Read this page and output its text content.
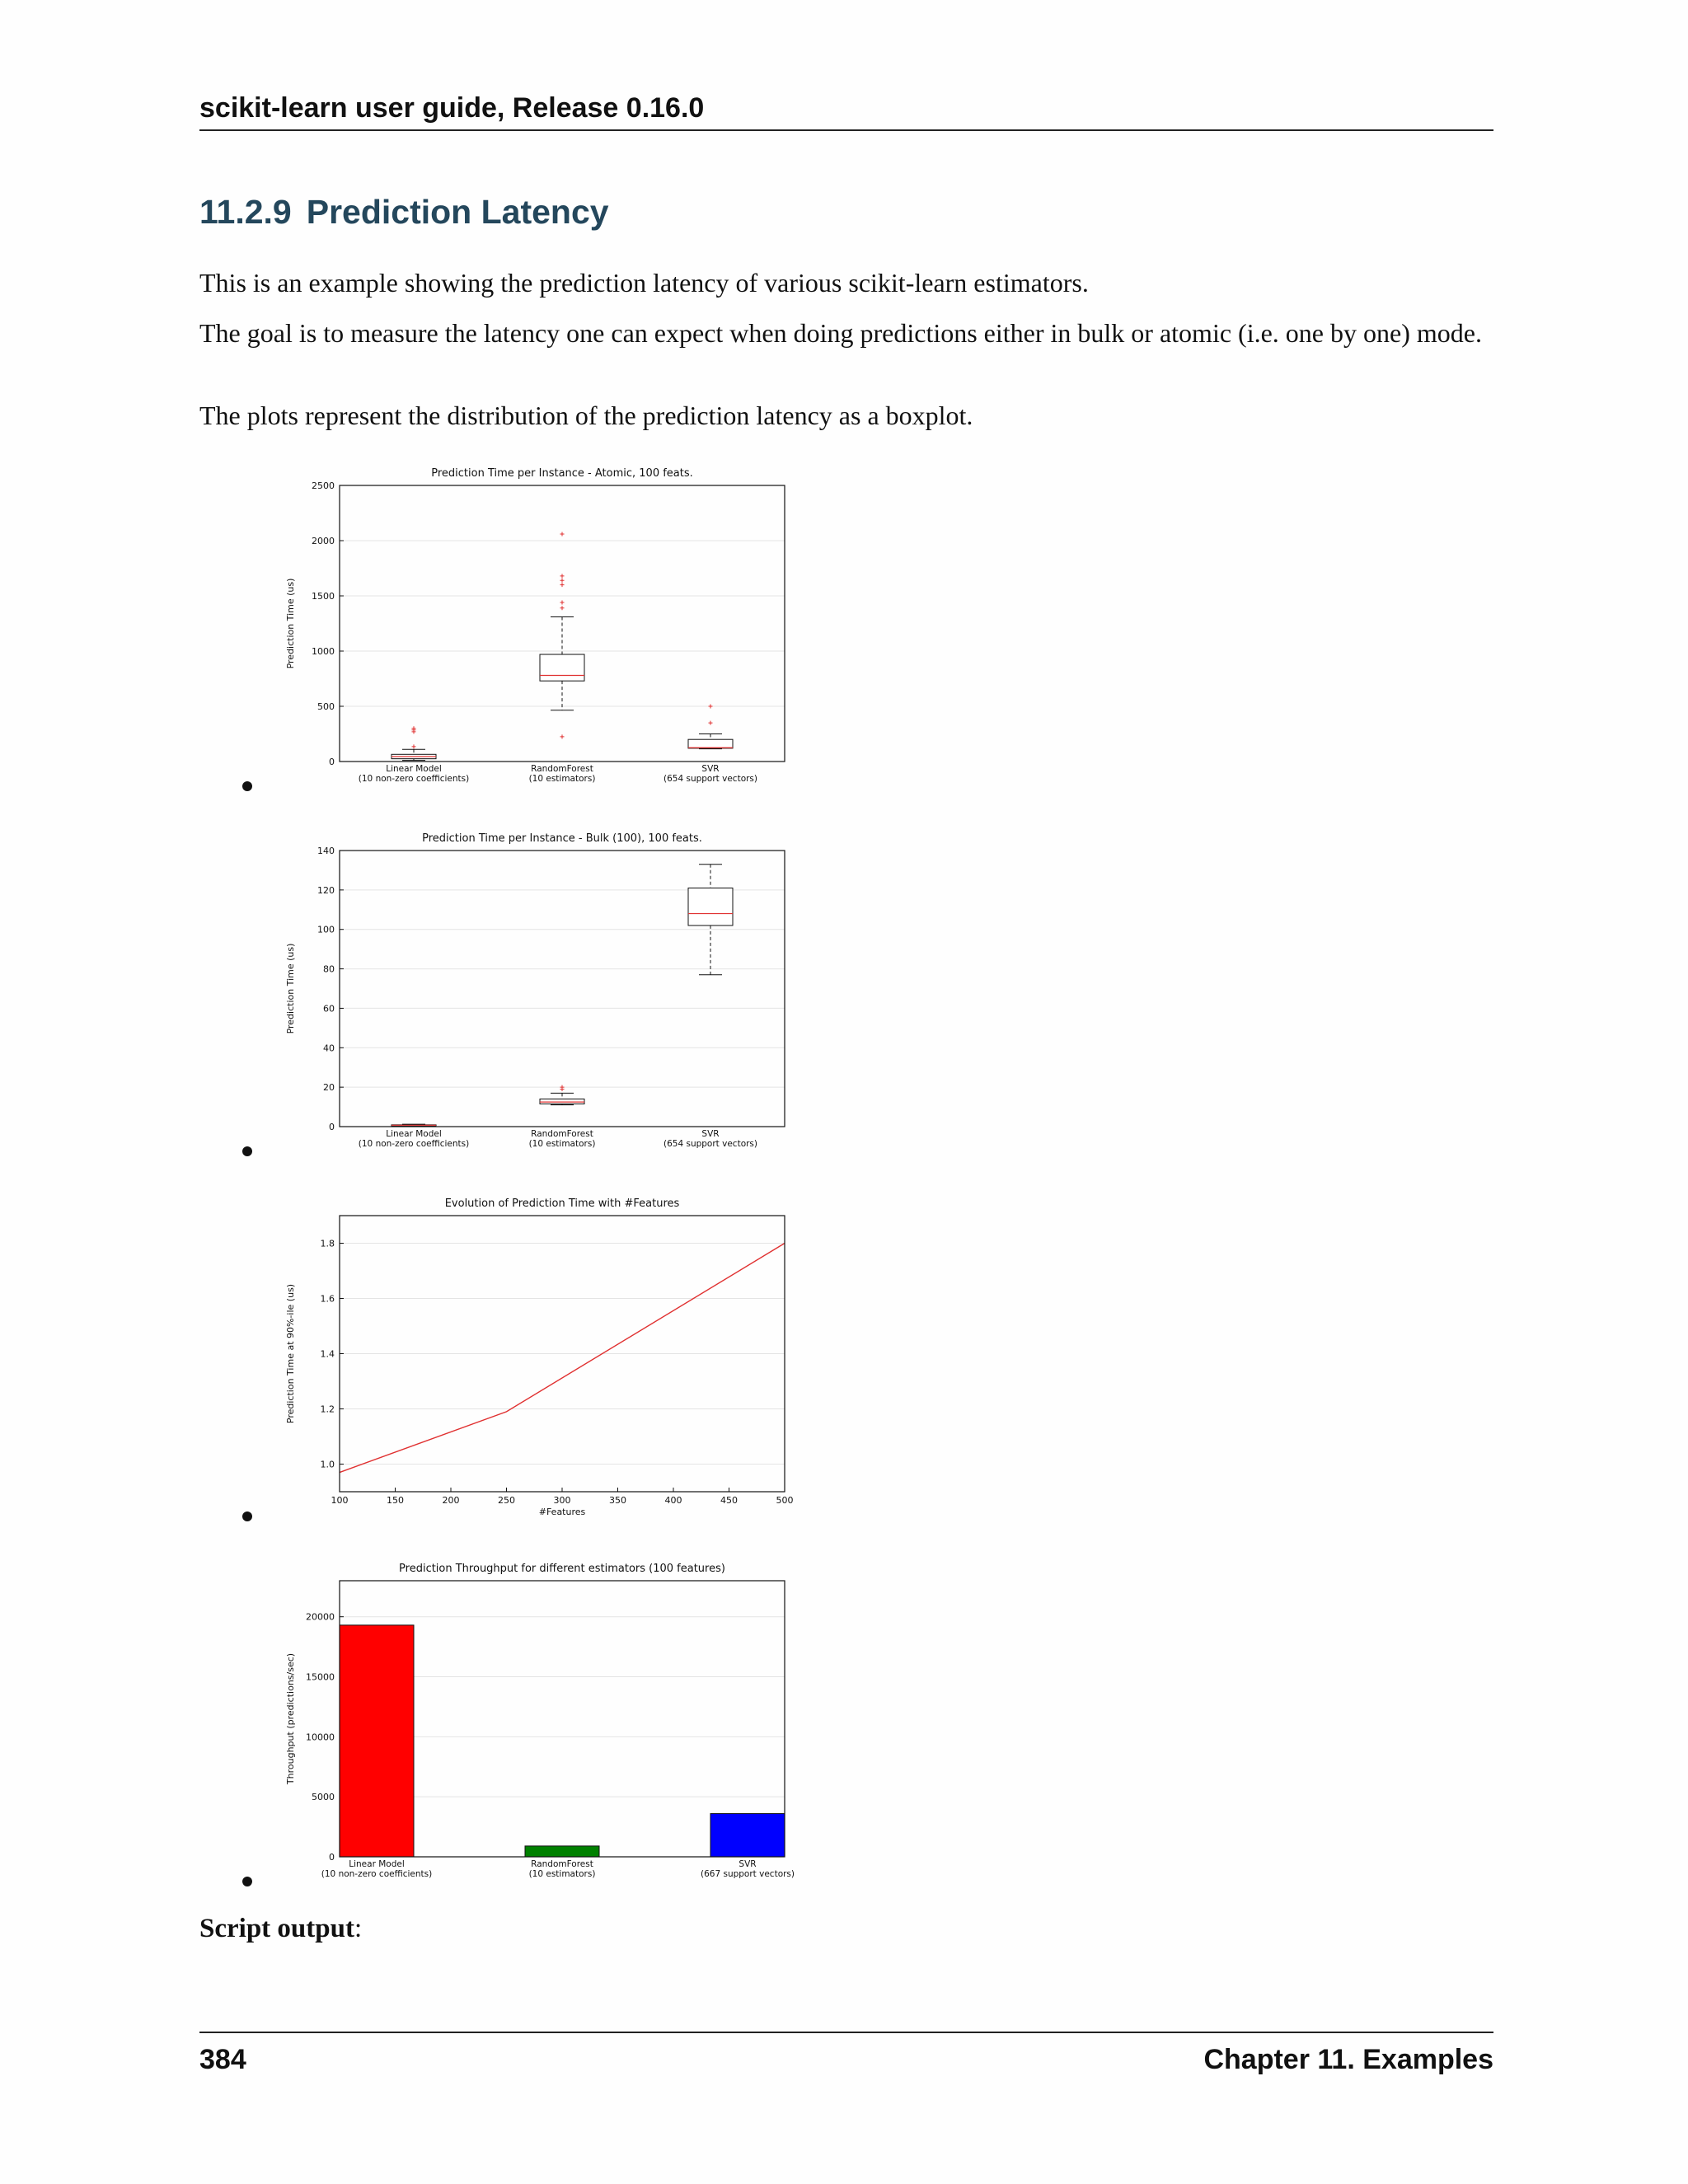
scikit-learn user guide, Release 0.16.0
11.2.9 Prediction Latency
This is an example showing the prediction latency of various scikit-learn estimators.
The goal is to measure the latency one can expect when doing predictions either in bulk or atomic (i.e. one by one) mode.
The plots represent the distribution of the prediction latency as a boxplot.
Prediction Time per Instance - Atomic, 100 feats.
0
500
1000
1500
2000
2500
Prediction Time (us)
Linear Model
(10 non-zero coefficients)
RandomForest
(10 estimators)
SVR
(654 support vectors)
Prediction Time per Instance - Bulk (100), 100 feats.
0
20
40
60
80
100
120
140
Prediction Time (us)
Linear Model
(10 non-zero coefficients)
RandomForest
(10 estimators)
SVR
(654 support vectors)
Evolution of Prediction Time with #Features
1.0
1.2
1.4
1.6
1.8
Prediction Time at 90%-ile (us)
100	150	200	250	300	350	400	450	500
#Features
Prediction Throughput for different estimators (100 features)
0
5000
10000
15000
20000
Throughput (predictions/sec)
Linear Model
(10 non-zero coefficients)
RandomForest
(10 estimators)
SVR
(667 support vectors)
Script output:
384	Chapter 11. Examples
